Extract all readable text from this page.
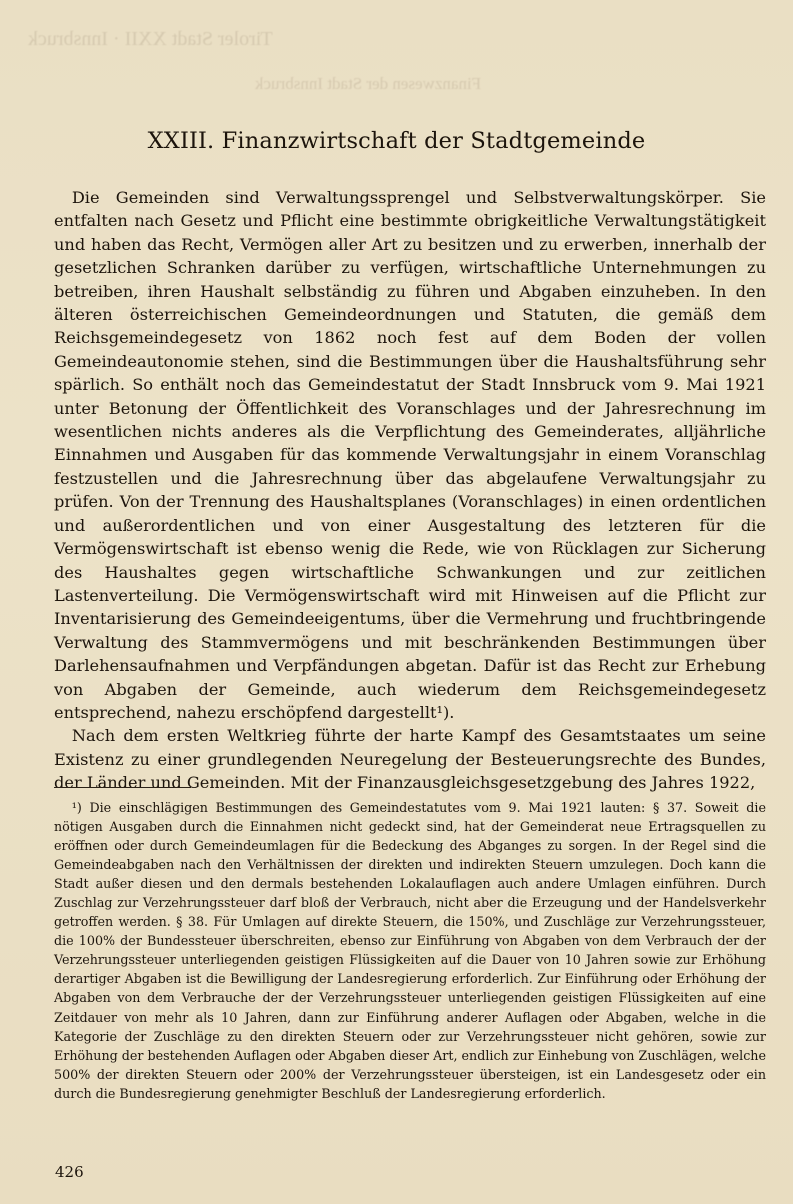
Tiroler Stadt XXII · Innsbruck
Finanzwesen der Stadt Innsbruck
XXIII. Finanzwirtschaft der Stadtgemeinde

Die Gemeinden sind Verwaltungssprengel und Selbstverwaltungskörper. Sie entfalten nach Gesetz und Pflicht eine bestimmte obrigkeitliche Verwaltungstätigkeit und haben das Recht, Vermögen aller Art zu besitzen und zu erwerben, innerhalb der gesetzlichen Schranken darüber zu verfügen, wirtschaftliche Unternehmungen zu betreiben, ihren Haushalt selbständig zu führen und Abgaben einzuheben. In den älteren österreichischen Gemeindeordnungen und Statuten, die gemäß dem Reichsgemeindegesetz von 1862 noch fest auf dem Boden der vollen Gemeindeautonomie stehen, sind die Bestimmungen über die Haushaltsführung sehr spärlich. So enthält noch das Gemeindestatut der Stadt Innsbruck vom 9. Mai 1921 unter Betonung der Öffentlichkeit des Voranschlages und der Jahresrechnung im wesentlichen nichts anderes als die Verpflichtung des Gemeinderates, alljährliche Einnahmen und Ausgaben für das kommende Verwaltungsjahr in einem Voranschlag festzustellen und die Jahresrechnung über das abgelaufene Verwaltungsjahr zu prüfen. Von der Trennung des Haushaltsplanes (Voranschlages) in einen ordentlichen und außerordentlichen und von einer Ausgestaltung des letzteren für die Vermögenswirtschaft ist ebenso wenig die Rede, wie von Rücklagen zur Sicherung des Haushaltes gegen wirtschaftliche Schwankungen und zur zeitlichen Lastenverteilung. Die Vermögenswirtschaft wird mit Hinweisen auf die Pflicht zur Inventarisierung des Gemeindeeigentums, über die Vermehrung und fruchtbringende Verwaltung des Stammvermögens und mit beschränkenden Bestimmungen über Darlehensaufnahmen und Verpfändungen abgetan. Dafür ist das Recht zur Erhebung von Abgaben der Gemeinde, auch wiederum dem Reichsgemeindegesetz entsprechend, nahezu erschöpfend dargestellt¹).

Nach dem ersten Weltkrieg führte der harte Kampf des Gesamtstaates um seine Existenz zu einer grundlegenden Neuregelung der Besteuerungsrechte des Bundes, der Länder und Gemeinden. Mit der Finanzausgleichsgesetzgebung des Jahres 1922,

¹) Die einschlägigen Bestimmungen des Gemeindestatutes vom 9. Mai 1921 lauten: § 37. Soweit die nötigen Ausgaben durch die Einnahmen nicht gedeckt sind, hat der Gemeinderat neue Ertragsquellen zu eröffnen oder durch Gemeindeumlagen für die Bedeckung des Abganges zu sorgen. In der Regel sind die Gemeindeabgaben nach den Verhältnissen der direkten und indirekten Steuern umzulegen. Doch kann die Stadt außer diesen und den dermals bestehenden Lokalauflagen auch andere Umlagen einführen. Durch Zuschlag zur Verzehrungssteuer darf bloß der Verbrauch, nicht aber die Erzeugung und der Handelsverkehr getroffen werden. § 38. Für Umlagen auf direkte Steuern, die 150%, und Zuschläge zur Verzehrungssteuer, die 100% der Bundessteuer überschreiten, ebenso zur Einführung von Abgaben von dem Verbrauch der der Verzehrungssteuer unterliegenden geistigen Flüssigkeiten auf die Dauer von 10 Jahren sowie zur Erhöhung derartiger Abgaben ist die Bewilligung der Landesregierung erforderlich. Zur Einführung oder Erhöhung der Abgaben von dem Verbrauche der der Verzehrungssteuer unterliegenden geistigen Flüssigkeiten auf eine Zeitdauer von mehr als 10 Jahren, dann zur Einführung anderer Auflagen oder Abgaben, welche in die Kategorie der Zuschläge zu den direkten Steuern oder zur Verzehrungssteuer nicht gehören, sowie zur Erhöhung der bestehenden Auflagen oder Abgaben dieser Art, endlich zur Einhebung von Zuschlägen, welche 500% der direkten Steuern oder 200% der Verzehrungssteuer übersteigen, ist ein Landesgesetz oder ein durch die Bundesregierung genehmigter Beschluß der Landesregierung erforderlich.

426
